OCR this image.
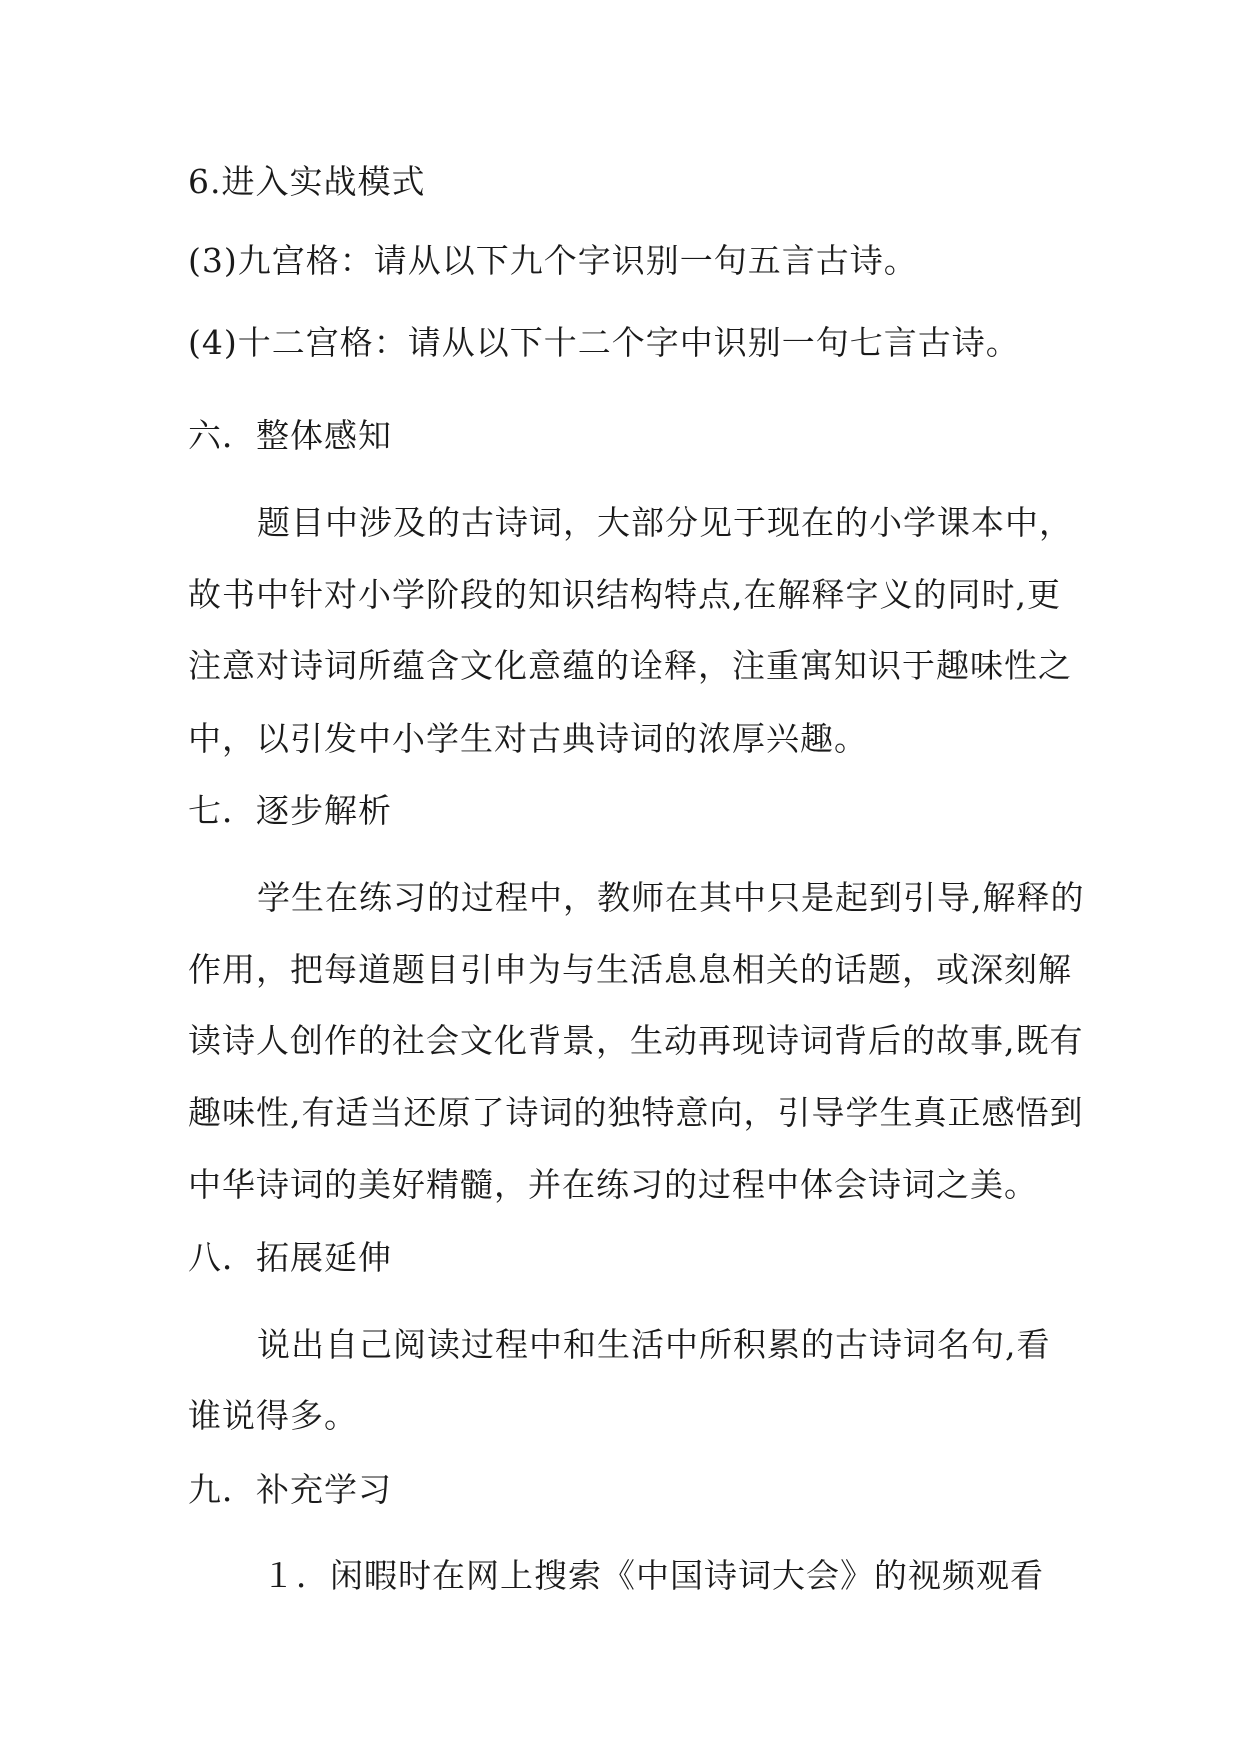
6.进入实战模式
(3)九宫格：请从以下九个字识别一句五言古诗。
(4)十二宫格：请从以下十二个字中识别一句七言古诗。
六．整体感知
题目中涉及的古诗词，大部分见于现在的小学课本中，
故书中针对小学阶段的知识结构特点,在解释字义的同时,更
注意对诗词所蕴含文化意蕴的诠释，注重寓知识于趣味性之
中，以引发中小学生对古典诗词的浓厚兴趣。
七．逐步解析
学生在练习的过程中，教师在其中只是起到引导,解释的
作用，把每道题目引申为与生活息息相关的话题，或深刻解
读诗人创作的社会文化背景，生动再现诗词背后的故事,既有
趣味性,有适当还原了诗词的独特意向，引导学生真正感悟到
中华诗词的美好精髓，并在练习的过程中体会诗词之美。
八．拓展延伸
说出自己阅读过程中和生活中所积累的古诗词名句,看
谁说得多。
九．补充学习
１．闲暇时在网上搜索《中国诗词大会》的视频观看
